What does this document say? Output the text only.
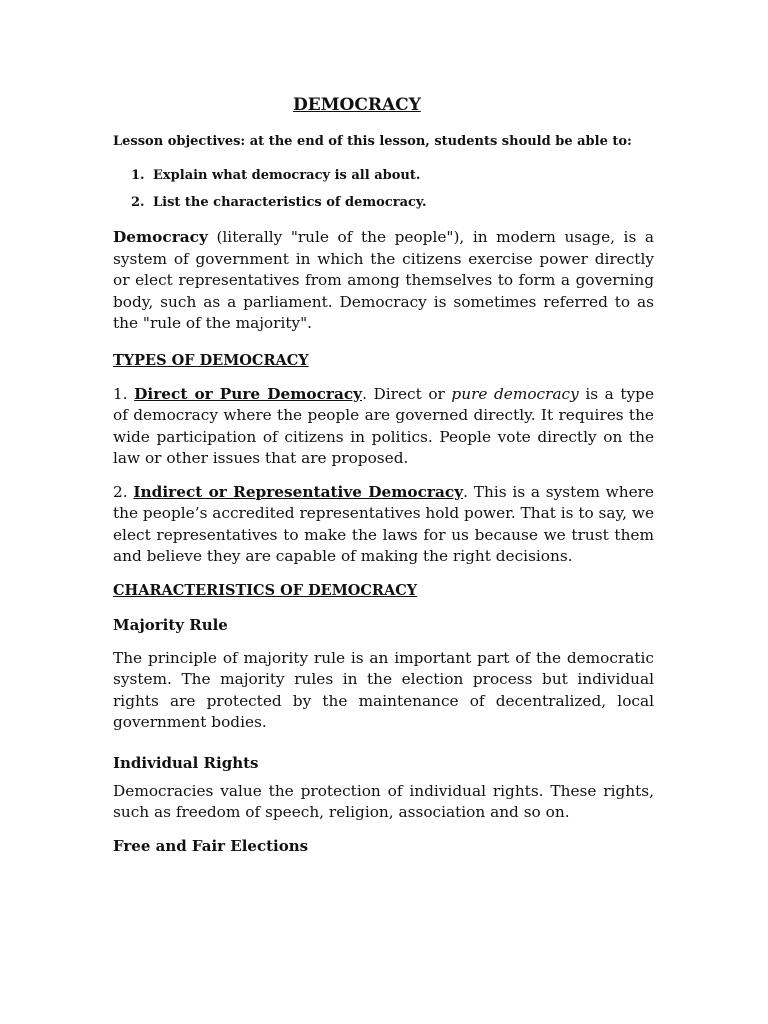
DEMOCRACY

Lesson objectives: at the end of this lesson, students should be able to:

1. Explain what democracy is all about.
2. List the characteristics of democracy.

Democracy (literally "rule of the people"), in modern usage, is a system of government in which the citizens exercise power directly or elect representatives from among themselves to form a governing body, such as a parliament. Democracy is sometimes referred to as the "rule of the majority".

TYPES OF DEMOCRACY

1. Direct or Pure Democracy. Direct or pure democracy is a type of democracy where the people are governed directly. It requires the wide participation of citizens in politics. People vote directly on the law or other issues that are proposed.

2. Indirect or Representative Democracy. This is a system where the people’s accredited representatives hold power. That is to say, we elect representatives to make the laws for us because we trust them and believe they are capable of making the right decisions.

CHARACTERISTICS OF DEMOCRACY
Majority Rule

The principle of majority rule is an important part of the democratic system. The majority rules in the election process but individual rights are protected by the maintenance of decentralized, local government bodies.

Individual Rights

Democracies value the protection of individual rights. These rights, such as freedom of speech, religion, association and so on.

Free and Fair Elections
